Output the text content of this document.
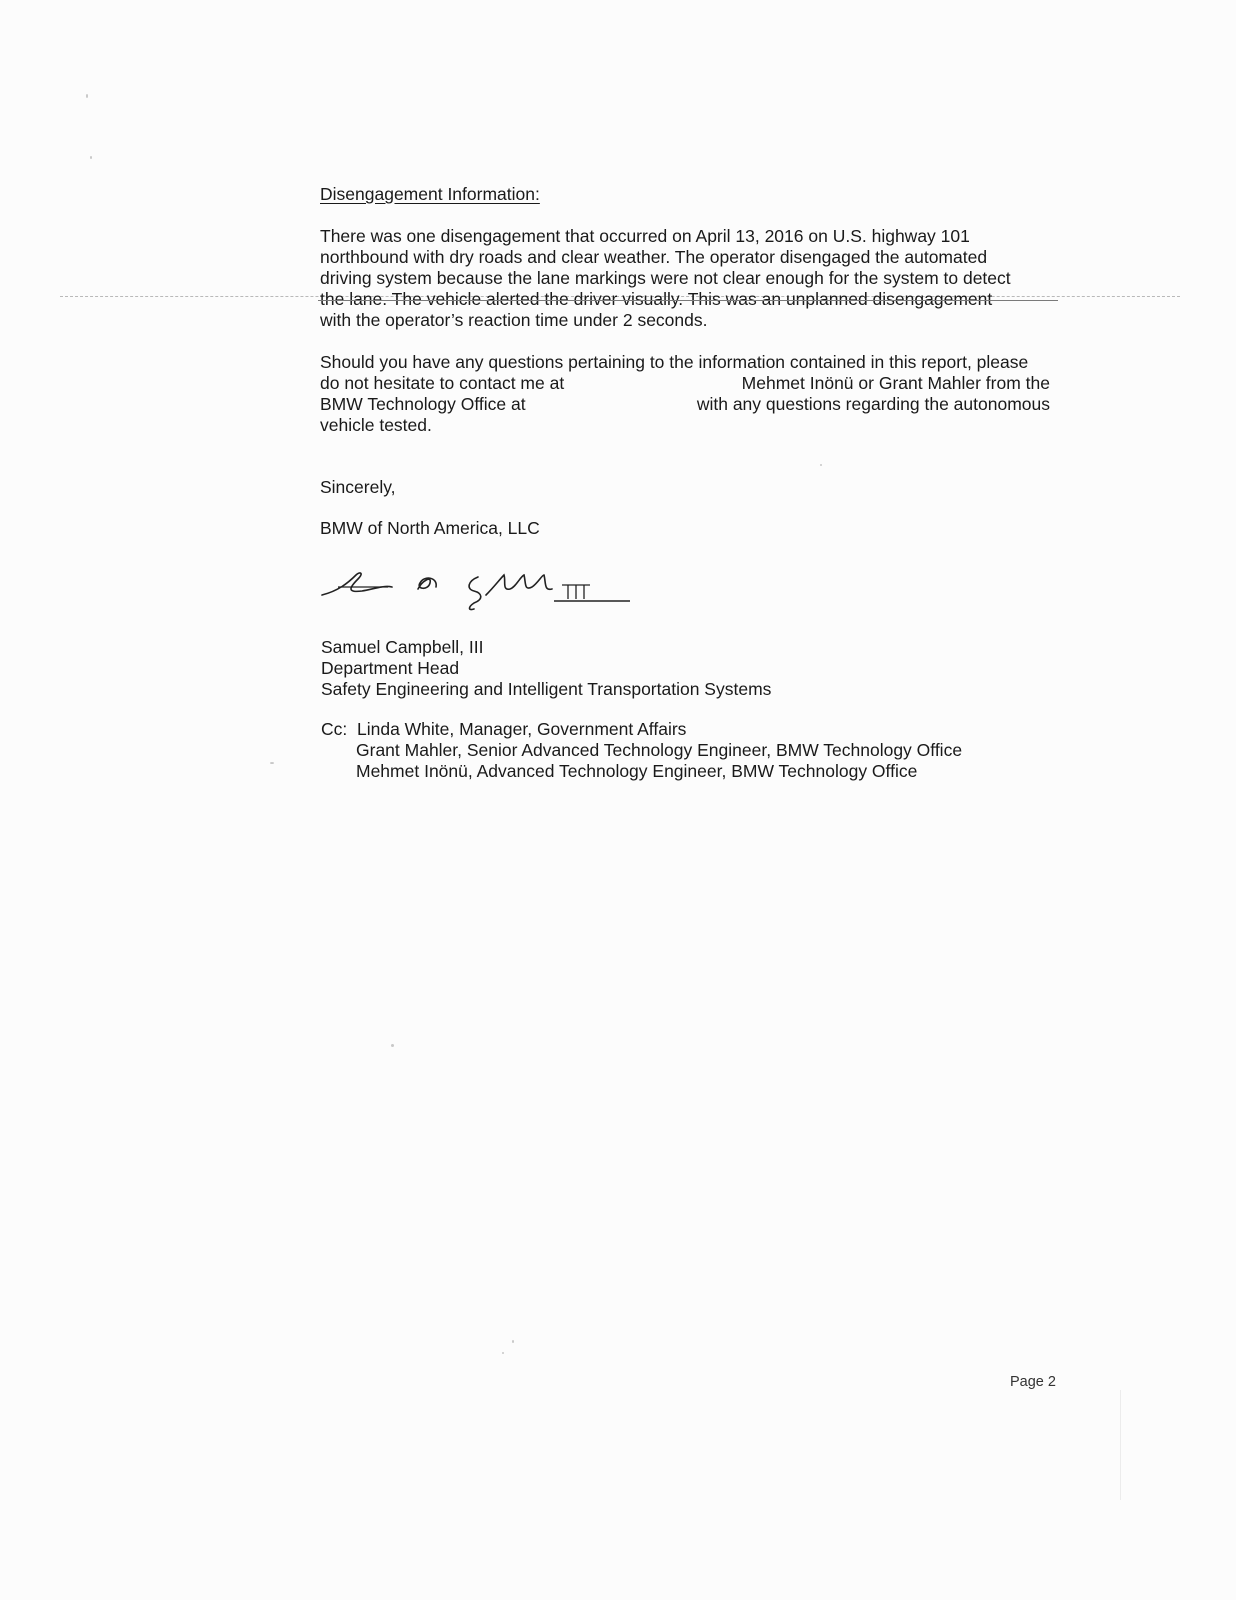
Disengagement Information:

There was one disengagement that occurred on April 13, 2016 on U.S. highway 101
northbound with dry roads and clear weather. The operator disengaged the automated
driving system because the lane markings were not clear enough for the system to detect
the lane. The vehicle alerted the driver visually. This was an unplanned disengagement
with the operator’s reaction time under 2 seconds.

Should you have any questions pertaining to the information contained in this report, please
do not hesitate to contact me at	Mehmet Inönü or Grant Mahler from the
BMW Technology Office at	with any questions regarding the autonomous
vehicle tested.

Sincerely,

BMW of North America, LLC

Samuel Campbell, III
Department Head
Safety Engineering and Intelligent Transportation Systems
Cc: Linda White, Manager, Government Affairs
Grant Mahler, Senior Advanced Technology Engineer, BMW Technology Office
Mehmet Inönü, Advanced Technology Engineer, BMW Technology Office
Page 2
